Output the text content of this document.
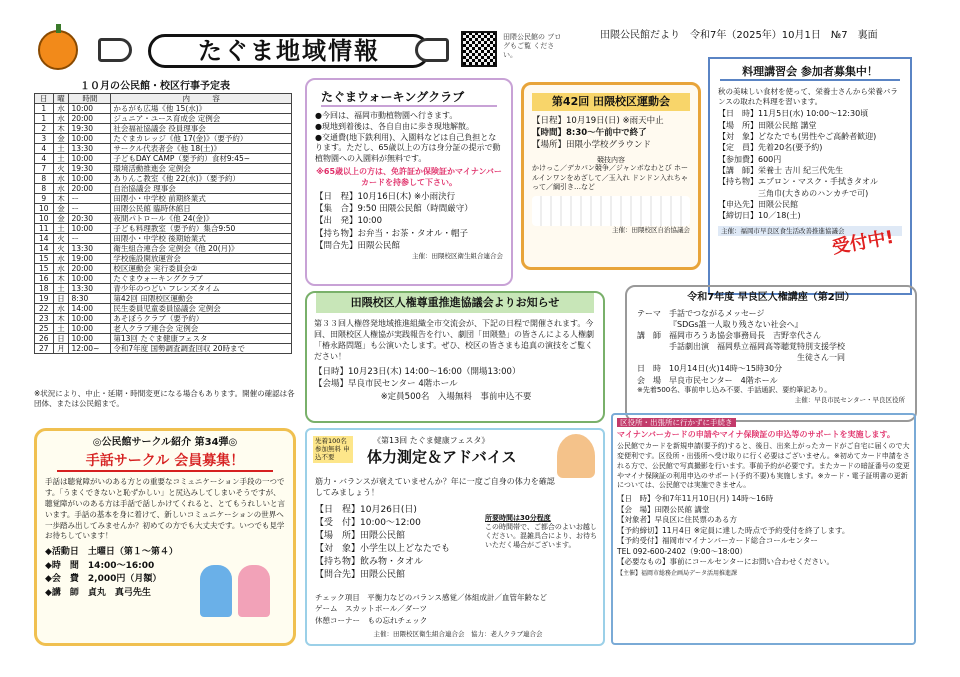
たぐま地域情報	田隈公民館の ブログもご覧 ください。
田隈公民館だより　令和7年（2025年）10月1日　№7　裏面
１０月の公民館・校区行事予定表
日	曜	時間	内　　　容
1	水	10:00	かるがも広場《他 15(水)》
1	水	20:00	ジュニア・ユース育成会 定例会
2	木	19:30	社会福祉協議会 役員理事会
3	金	10:00	たぐまカレッジ《他 17(金)》（要予約）
4	土	13:30	サークル代表者会《他 18(土)》
4	土	10:00	子どもDAY CAMP（要予約）食材9:45~
7	火	19:30	環境活動推進会 定例会
8	水	10:00	ありんこ教室《他 22(水)》（要予約）
8	水	20:00	自治協議会 理事会
9	木	ー	田隈小・中学校 前期終業式
10	金	ー	田隈公民館 臨時休館日
10	金	20:30	夜間パトロール《他 24(金)》
11	土	10:00	子ども料理教室（要予約）集合9:50
14	火	ー	田隈小・中学校 後期始業式
14	火	13:30	衛生組合連合会 定例会《他 20(月)》
15	水	19:00	学校施設開放運営会
15	水	20:00	校区運動会 実行委員会②
16	木	10:00	たぐまウォーキングクラブ
18	土	13:30	青少年のつどい フレンズタイム
19	日	8:30	第42回 田隈校区運動会
22	水	14:00	民生委員児童委員協議会 定例会
23	木	10:00	あそぼうクラブ（要予約）
25	土	10:00	老人クラブ連合会 定例会
26	日	10:00	第13回 たぐま健康フェスタ
27	月	12:00~	令和7年度 国勢調査調査回収 20時まで
※状況により、中止・延期・時間変更になる場合もあります。開催の確認は各団体、または公民館まで。
たぐまウォーキングクラブ
●今回は、福岡市動植物園へ行きます。
●現地到着後は、各自自由に歩き現地解散。
●交通費(地下鉄利用)、入園料などは自己負担となります。ただし、65歳以上の方は身分証の提示で動植物園への入園料が無料です。
※65歳以上の方は、免許証か保険証かマイナンバーカードを持参して下さい。
【日　程】10月16日(木) ※小雨決行
【集　合】9:50 田隈公民館（時間厳守）
【出　発】10:00
【持ち物】お弁当・お茶・タオル・帽子
【問合先】田隈公民館
主催：田隈校区衛生組合連合会
第42回 田隈校区運動会
【日程】10月19日(日) ※雨天中止
【時間】8:30～午前中で終了
【場所】田隈小学校グラウンド
競技内容
かけっこ／デカパン競争／ジャンボなわとび ホールインワンをめざして／玉入れ ドンドン入れちゃって／綱引き…など
主催：田隈校区自治協議会
料理講習会 参加者募集中！
秋の美味しい食材を使って、栄養士さんから栄養バランスの取れた料理を習います。
【日　時】11月5日(水) 10:00～12:30頃
【場　所】田隈公民館 講堂
【対　象】どなたでも(男性やご高齢者歓迎)
【定　員】先着20名(要予約)
【参加費】600円
【講　師】栄養士 吉川 紀三代先生
【持ち物】エプロン・マスク・手拭きタオル
　　　　　三角巾(大きめのハンカチで可)
【申込先】田隈公民館
【締切日】10／18(土)
主催：福岡市早良区食生活改善推進協議会
受付中!
田隈校区人権尊重推進協議会よりお知らせ
第３３回人権啓発地域推進組織全市交流会が、下記の日程で開催されます。今回、田隈校区人権協が実践報告を行い、劇団「田隈塾」の皆さんによる人権劇「椿永路問題」も公演いたします。ぜひ、校区の皆さまも追真の演技をご覧ください！
【日時】10月23日(木) 14:00～16:00（開場13:00）
【会場】早良市民センター 4階ホール
※定員500名　入場無料　事前申込不要
令和7年度 早良区人権講座（第2回）
テーマ　手話でつながるメッセージ
『SDGs誰一人取り残さない社会へ』
講　師　福岡市ろうあ協会事務局長　吉野幸代さん
手話劇出演　福岡県立福岡高等聴覚特別支援学校
生徒さん一同
日　時　10月14日(火)14時～15時30分
会　場　早良市民センター　4階ホール
※先着500名、事前申し込み不要、手話通訳、要約筆記あり。
主催：早良市民センター・早良区役所
◎公民館サークル紹介 第34弾◎
手話サークル 会員募集！
手話は聴覚障がいのある方との重要なコミュニケーション手段の一つです。「うまくできないと恥ずかしい」と尻込みしてしまいそうですが、聴覚障がいのある方は手話で話しかけてくれると、とてもうれしいと言います。手話の基本を身に着けて、新しいコミュニケーションの世界へ一歩踏み出してみませんか？初めての方でも大丈夫です。いつでも見学お待ちしています！
◆活動日　土曜日（第１～第４）
◆時　間　14:00～16:00
◆会　費　2,000円（月額）
◆講　師　貞丸　真弓先生
先着100名 参加無料 申込不要
《第13回 たぐま健康フェスタ》
体力測定＆アドバイス
筋力・バランスが衰えていませんか？年に一度ご自身の体力を確認してみましょう！
【日　程】10月26日(日)
【受　付】10:00～12:00
【場　所】田隈公民館
【対　象】小学生以上どなたでも
【持ち物】飲み物・タオル
【問合先】田隈公民館
所要時間は30分程度
この時間帯で、ご都合のよいお越しください。混雑具合により、お待ちいただく場合がございます。
チェック項目　平衡力などのバランス感覚／体組成計／血管年齢など
ゲーム　スカットボール／ダーツ
休憩コーナー　もの忘れチェック
主催：田隈校区衛生組合連合会　協力：老人クラブ連合会
区役所・出張所に行かずに手続き
マイナンバーカードの申請やマイナ保険証の申込等のサポートを実施します。
公民館でカードを新規申請(要予約)すると、後日、出来上がったカードがご自宅に届くので大変便利です。区役所・出張所へ受け取りに行く必要はございません。※初めてカード申請をされる方で、公民館で写真撮影を行います。事前予約が必要です。またカードの暗証番号の変更やマイナ保険証の利用申込のサポート(予約不要)も実施します。※カード・電子証明書の更新については、公民館では実施できません。
【日　時】令和7年11月10日(月) 14時～16時
【会　場】田隈公民館 講堂
【対象者】早良区に住民票のある方
【予約締切】11月4日 ※定員に達した時点で予約受付を終了します。
【予約受付】福岡市マイナンバーカード総合コールセンター
TEL 092-600-2402（9:00～18:00）
【必要なもの】事前にコールセンターにお問い合わせください。
【主催】福岡市総務企画局データ活用推進課
